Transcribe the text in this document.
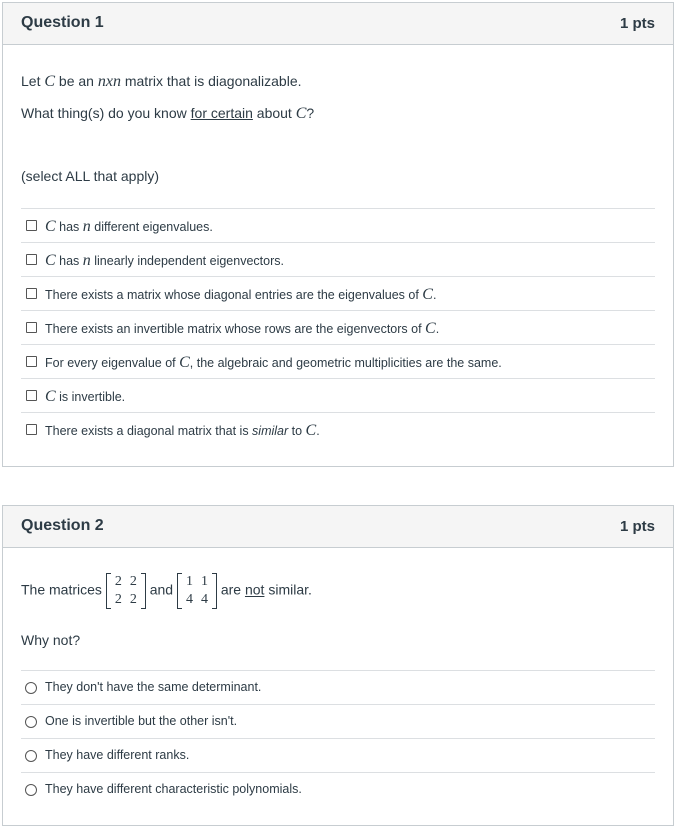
Question 1	1 pts
Let C be an nxn matrix that is diagonalizable.
What thing(s) do you know for certain about C?
(select ALL that apply)
C has n different eigenvalues.
C has n linearly independent eigenvectors.
There exists a matrix whose diagonal entries are the eigenvalues of C.
There exists an invertible matrix whose rows are the eigenvectors of C.
For every eigenvalue of C, the algebraic and geometric multiplicities are the same.
C is invertible.
There exists a diagonal matrix that is similar to C.
Question 2	1 pts
The matrices
2	2
2	2
and
1	1
4	4
are not similar.
Why not?
They don't have the same determinant.
One is invertible but the other isn't.
They have different ranks.
They have different characteristic polynomials.
